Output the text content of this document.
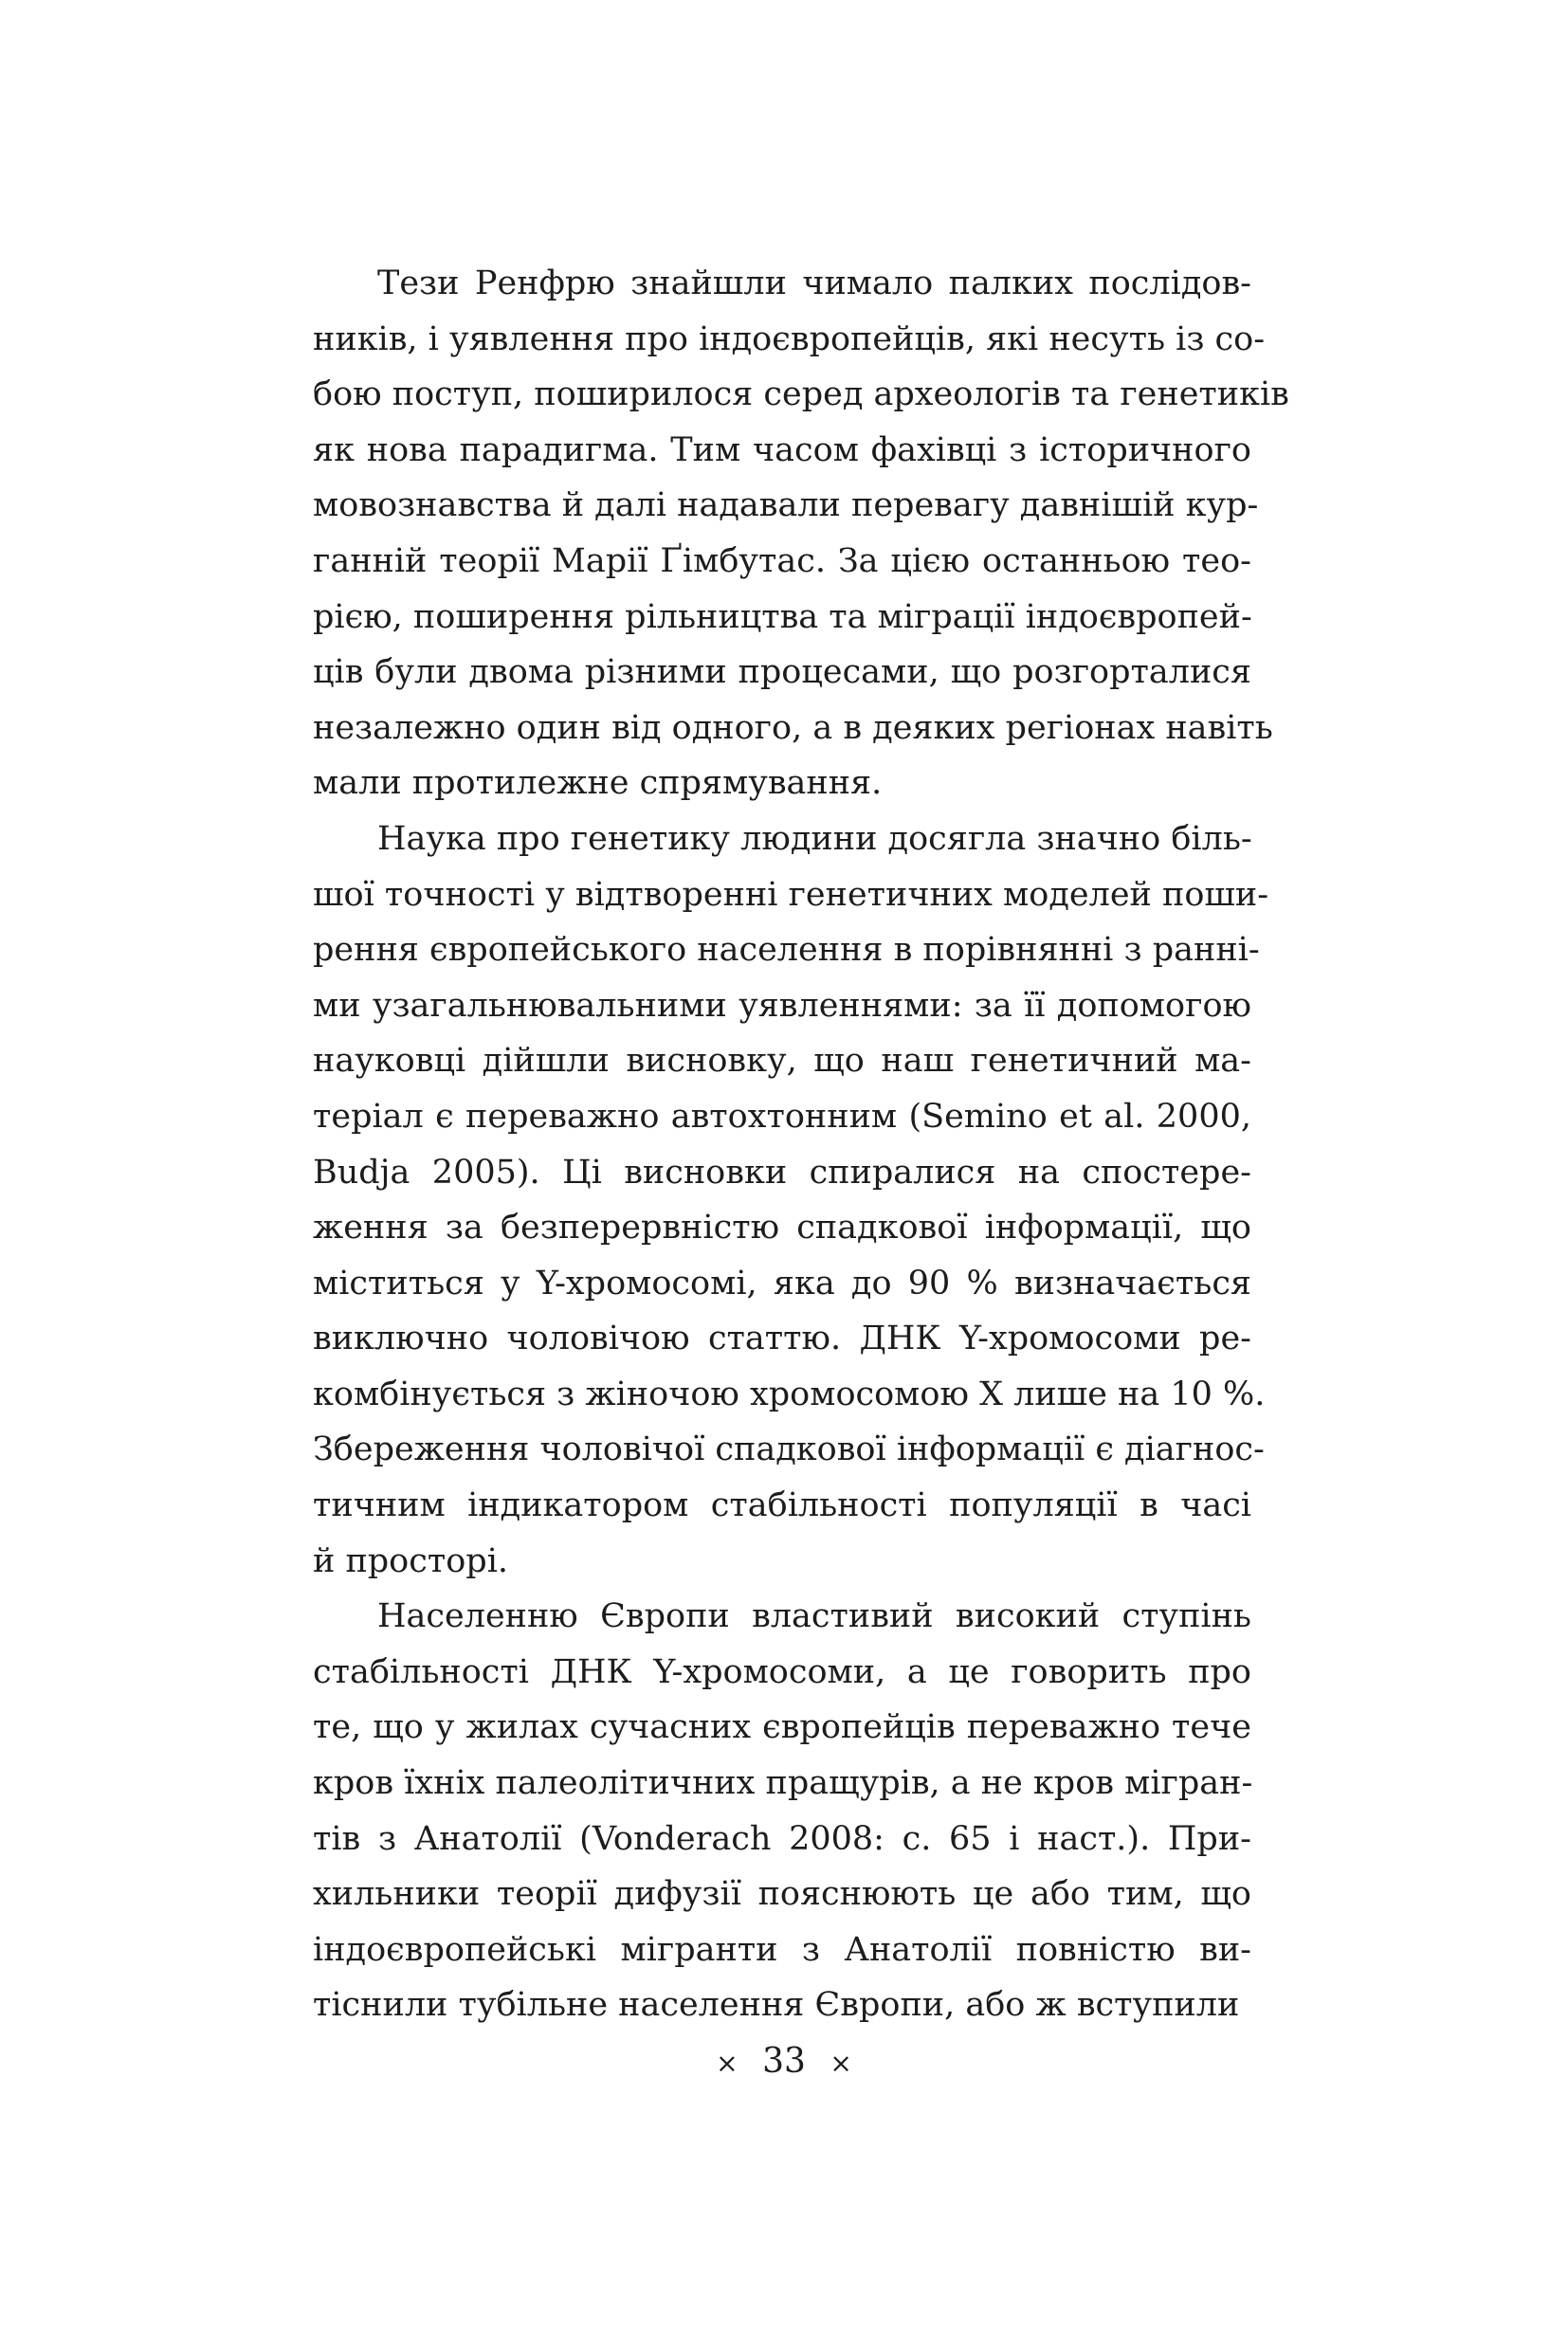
Тези Ренфрю знайшли чимало палких послідов-
ників, і уявлення про індоєвропейців, які несуть із со-
бою поступ, поширилося серед археологів та генетиків
як нова парадигма. Тим часом фахівці з історичного
мовознавства й далі надавали перевагу давнішій кур-
ганній теорії Марії Ґімбутас. За цією останньою тео-
рією, поширення рільництва та міграції індоєвропей-
ців були двома різними процесами, що розгорталися
незалежно один від одного, а в деяких регіонах навіть
мали протилежне спрямування.
Наука про генетику людини досягла значно біль-
шої точності у відтворенні генетичних моделей поши-
рення європейського населення в порівнянні з ранні-
ми узагальнювальними уявленнями: за її допомогою
науковці дійшли висновку, що наш генетичний ма-
теріал є переважно автохтонним (Semino et al. 2000,
Budja 2005). Ці висновки спиралися на спостере-
ження за безперервністю спадкової інформації, що
міститься у Y-хромосомі, яка до 90 % визначається
виключно чоловічою статтю. ДНК Y-хромосоми ре-
комбінується з жіночою хромосомою X лише на 10 %.
Збереження чоловічої спадкової інформації є діагнос-
тичним індикатором стабільності популяції в часі
й просторі.
Населенню Європи властивий високий ступінь
стабільності ДНК Y-хромосоми, а це говорить про
те, що у жилах сучасних європейців переважно тече
кров їхніх палеолітичних пращурів, а не кров мігран-
тів з Анатолії (Vonderach 2008: с. 65 і наст.). При-
хильники теорії дифузії пояснюють це або тим, що
індоєвропейські мігранти з Анатолії повністю ви-
тіснили тубільне населення Європи, або ж вступили
× 33 ×
